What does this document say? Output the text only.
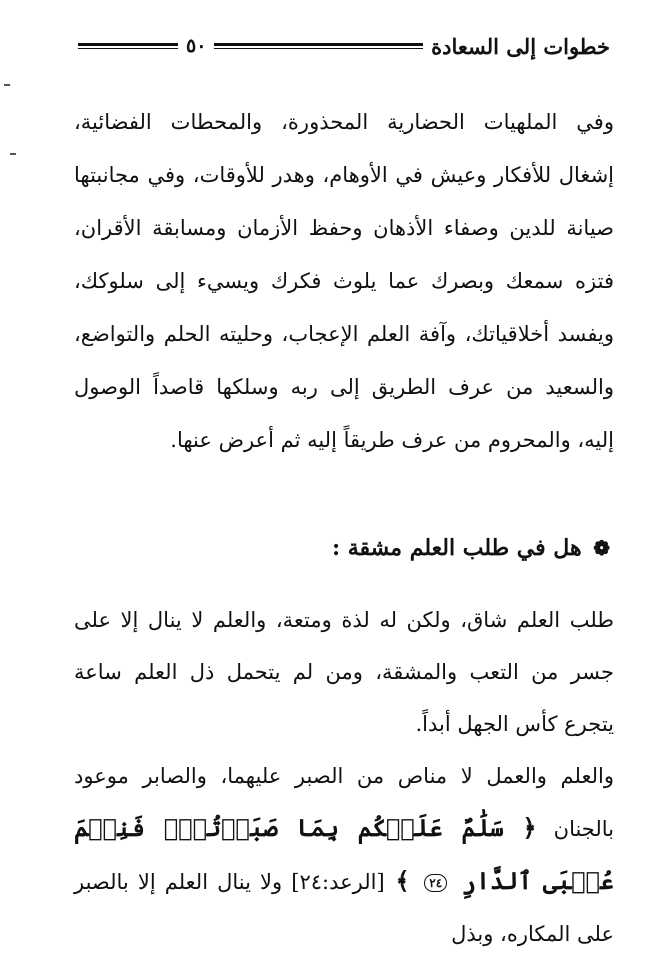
خطوات إلى السعادة
٥٠

وفي الملهيات الحضارية المحذورة، والمحطات الفضائية، إشغال للأفكار وعيش في الأوهام، وهدر للأوقات، وفي مجانبتها صيانة للدين وصفاء الأذهان وحفظ الأزمان ومسابقة الأقران، فتزه سمعك وبصرك عما يلوث فكرك ويسيء إلى سلوكك، ويفسد أخلاقياتك، وآفة العلم الإعجاب، وحليته الحلم والتواضع، والسعيد من عرف الطريق إلى ربه وسلكها قاصداً الوصول إليه، والمحروم من عرف طريقاً إليه ثم أعرض عنها.

❁ هل في طلب العلم مشقة :

طلب العلم شاق، ولكن له لذة ومتعة، والعلم لا ينال إلا على جسر من التعب والمشقة، ومن لم يتحمل ذل العلم ساعة يتجرع كأس الجهل أبداً.

والعلم والعمل لا مناص من الصبر عليهما، والصابر موعود بالجنان ﴿ سَلَٰمٌ عَلَيۡكُم بِمَا صَبَرۡتُمۡۚ فَنِعۡمَ عُقۡبَى ٱلدَّارِ ٢٤ ﴾ [الرعد:٢٤] ولا ينال العلم إلا بالصبر على المكاره، وبذل
